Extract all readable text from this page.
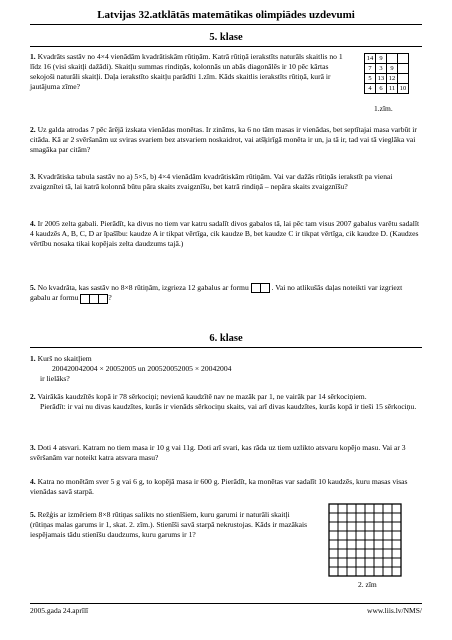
Latvijas 32.atklātās matemātikas olimpiādes uzdevumi
5. klase
1. Kvadrāts sastāv no 4×4 vienādām kvadrātiskām rūtiņām. Katrā rūtiņā ierakstīts naturāls skaitlis no 1 līdz 16 (visi skaitļi dažādi). Skaitļu summas rindiņās, kolonnās un abās diagonālēs ir 10 pēc kārtas sekojoši naturāli skaitļi. Daļa ierakstīto skaitļu parādīti 1.zīm. Kāds skaitlis ierakstīts rūtiņā, kurā ir jautājuma zīme?
14	9		
7	3	9	
5	13	12	
4	6	11	10
1.zīm.
2. Uz galda atrodas 7 pēc ārējā izskata vienādas monētas. Ir zināms, ka 6 no tām masas ir vienādas, bet septītajai masa varbūt ir citāda. Kā ar 2 svēršanām uz sviras svariem bez atsvariem noskaidrot, vai atšķirīgā monēta ir un, ja tā ir, tad vai tā vieglāka vai smagāka par citām?
3. Kvadrātiska tabula sastāv no a) 5×5, b) 4×4 vienādām kvadrātiskām rūtiņām. Vai var dažās rūtiņās ierakstīt pa vienai zvaigznītei tā, lai katrā kolonnā būtu pāra skaits zvaigznīšu, bet katrā rindiņā – nepāra skaits zvaigznīšu?
4. Ir 2005 zelta gabali. Pierādīt, ka divus no tiem var katru sadalīt divos gabalos tā, lai pēc tam visus 2007 gabalus varētu sadalīt 4 kaudzēs A, B, C, D ar īpašību: kaudze A ir tikpat vērtīga, cik kaudze B, bet kaudze C ir tikpat vērtīga, cik kaudze D. (Kaudzes vērtību nosaka tikai kopējais zelta daudzums tajā.)
5. No kvadrāta, kas sastāv no 8×8 rūtiņām, izgrieza 12 gabalus ar formu	. Vai no atlikušās daļas noteikti var izgriezt gabalu ar formu	?
6. klase
1. Kurš no skaitļiem
200420042004 × 20052005 un 200520052005 × 20042004
ir lielāks?
2. Vairākās kaudzītēs kopā ir 78 sērkociņi; nevienā kaudzītē nav ne mazāk par 1, ne vairāk par 14 sērkociņiem.
Pierādīt: ir vai nu divas kaudzītes, kurās ir vienāds sērkociņu skaits, vai arī divas kaudzītes, kurās kopā ir tieši 15 sērkociņu.
3. Doti 4 atsvari. Katram no tiem masa ir 10 g vai 11g. Doti arī svari, kas rāda uz tiem uzlikto atsvaru kopējo masu. Vai ar 3 svēršanām var noteikt katra atsvara masu?
4. Katra no monētām sver 5 g vai 6 g, to kopējā masa ir 600 g. Pierādīt, ka monētas var sadalīt 10 kaudzēs, kuru masas visas vienādas savā starpā.
5. Režģis ar izmēriem 8×8 rūtiņas salikts no stienīšiem, kuru garumi ir naturāli skaitļi (rūtiņas malas garums ir 1, skat. 2. zīm.). Stienīši savā starpā nekrustojas. Kāds ir mazākais iespējamais tādu stienīšu daudzums, kuru garums ir 1?
2. zīm
2005.gada 24.aprīlī	www.liis.lv/NMS/
